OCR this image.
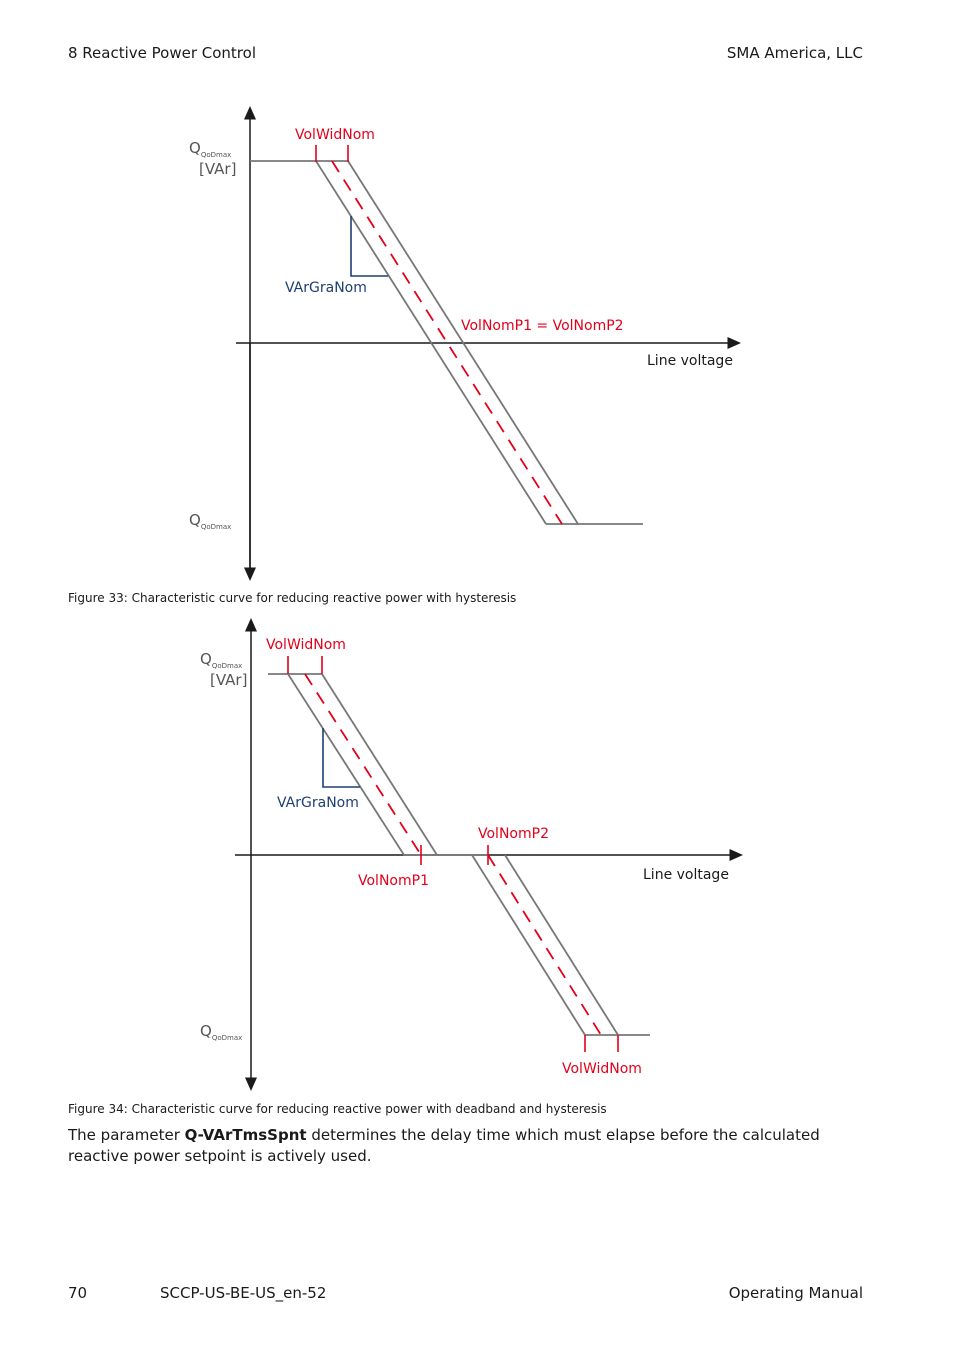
8 Reactive Power Control	SMA America, LLC
$Q_{QoDmax}$
[VAr]
$Q_{QoDmax}$
VolWidNom
VArGraNom
VolNomP1 = VolNomP2
Line voltage
Figure 33: Characteristic curve for reducing reactive power with hysteresis
$Q_{QoDmax}$
[VAr]
$Q_{QoDmax}$
VolWidNom
VArGraNom
VolNomP2
VolNomP1	Line voltage
VolWidNom
Figure 34: Characteristic curve for reducing reactive power with deadband and hysteresis
The parameter Q-VArTmsSpnt determines the delay time which must elapse before the calculated reactive power setpoint is actively used.
70	SCCP-US-BE-US_en-52	Operating Manual
